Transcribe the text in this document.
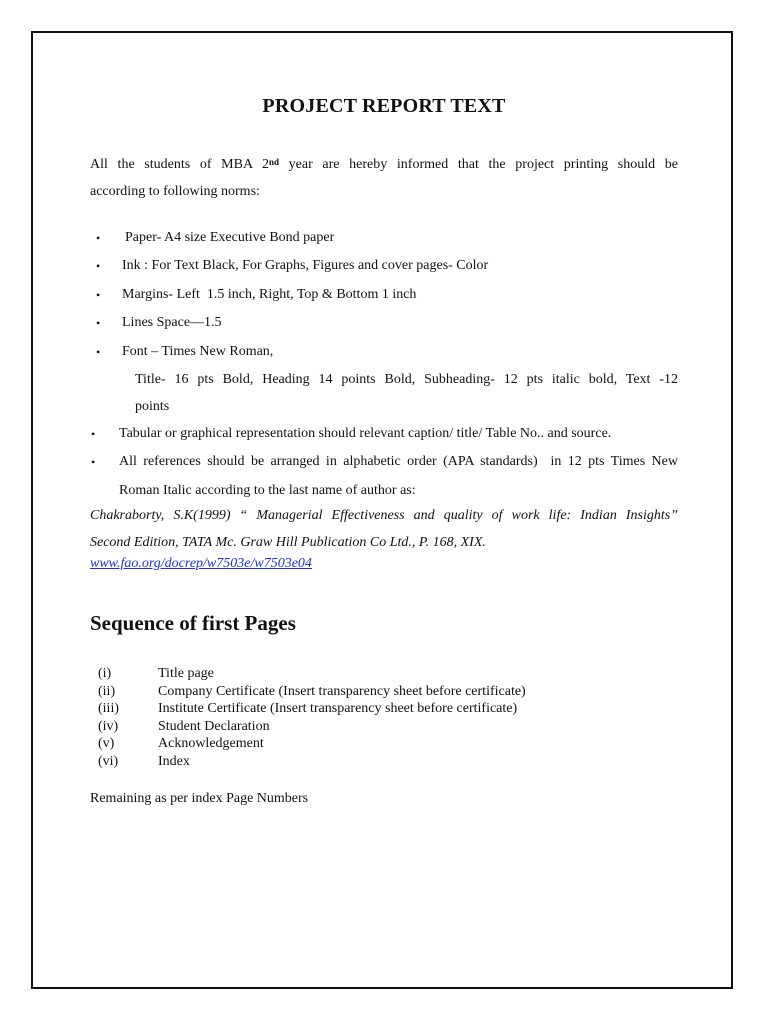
PROJECT REPORT TEXT
All the students of MBA 2nd year are hereby informed that the project printing should be
according to following norms:
• Paper- A4 size Executive Bond paper
• Ink : For Text Black, For Graphs, Figures and cover pages- Color
• Margins- Left  1.5 inch, Right, Top & Bottom 1 inch
• Lines Space—1.5
• Font – Times New Roman,
Title- 16 pts Bold, Heading 14 points Bold, Subheading- 12 pts italic bold, Text -12
points
• Tabular or graphical representation should relevant caption/ title/ Table No.. and source.
• All references should be arranged in alphabetic order (APA standards)  in 12 pts Times New
Roman Italic according to the last name of author as:
Chakraborty, S.K(1999) “ Managerial Effectiveness and quality of work life: Indian Insights”
Second Edition, TATA Mc. Graw Hill Publication Co Ltd., P. 168, XIX.
www.fao.org/docrep/w7503e/w7503e04
Sequence of first Pages
(i)	Title page
(ii)	Company Certificate (Insert transparency sheet before certificate)
(iii)	Institute Certificate (Insert transparency sheet before certificate)
(iv)	Student Declaration
(v)	Acknowledgement
(vi)	Index
Remaining as per index Page Numbers
